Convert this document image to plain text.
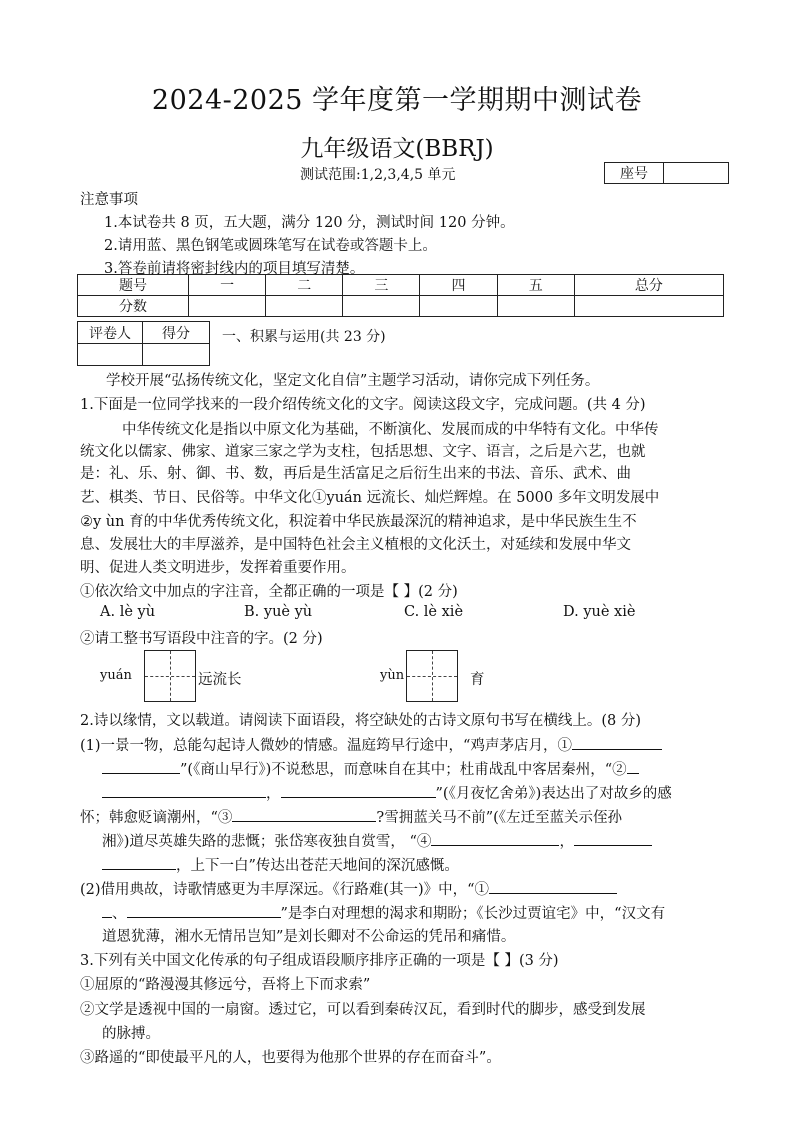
2024-2025 学年度第一学期期中测试卷
九年级语文(BBRJ)
测试范围:1,2,3,4,5 单元	座号	
注意事项
1.本试卷共 8 页，五大题，满分 120 分，测试时间 120 分钟。
2.请用蓝、黑色钢笔或圆珠笔写在试卷或答题卡上。
3.答卷前请将密封线内的项目填写清楚。
题号	一	二	三	四	五	总分
分数						
评卷人	得分
	一、积累与运用(共 23 分)
学校开展“弘扬传统文化，坚定文化自信”主题学习活动，请你完成下列任务。
1.下面是一位同学找来的一段介绍传统文化的文字。阅读这段文字，完成问题。(共 4 分)
中华传统文化是指以中原文化为基础，不断演化、发展而成的中华特有文化。中华传
统文化以儒家、佛家、道家三家之学为支柱，包括思想、文字、语言，之后是六艺，也就
是：礼、乐、射、御、书、数，再后是生活富足之后衍生出来的书法、音乐、武术、曲
艺、棋类、节日、民俗等。中华文化①yuán 远流长、灿烂辉煌。在 5000 多年文明发展中
②y ùn 育的中华优秀传统文化，积淀着中华民族最深沉的精神追求，是中华民族生生不
息、发展壮大的丰厚滋养，是中国特色社会主义植根的文化沃土，对延续和发展中华文
明、促进人类文明进步，发挥着重要作用。
①依次给文中加点的字注音，全都正确的一项是【 】(2 分)
A. lè yù	B. yuè yù	C. lè xiè	D. yuè xiè
②请工整书写语段中注音的字。(2 分)
yuán	远流长	yùn	育
2.诗以缘情，文以载道。请阅读下面语段，将空缺处的古诗文原句书写在横线上。(8 分)
(1)一景一物，总能勾起诗人微妙的情感。温庭筠早行途中，“鸡声茅店月，①
”(《商山早行》)不说愁思，而意味自在其中；杜甫战乱中客居秦州，“②
，	”(《月夜忆舍弟》)表达出了对故乡的感
怀；韩愈贬谪潮州，“③	?雪拥蓝关马不前”(《左迁至蓝关示侄孙
湘》)道尽英雄失路的悲慨；张岱寒夜独自赏雪， “④	，
，上下一白”传达出苍茫天地间的深沉感慨。
(2)借用典故，诗歌情感更为丰厚深远。《行路难(其一)》中，“①
、	”是李白对理想的渴求和期盼；《长沙过贾谊宅》中，“汉文有
道恩犹薄，湘水无情吊岂知”是刘长卿对不公命运的凭吊和痛惜。
3.下列有关中国文化传承的句子组成语段顺序排序正确的一项是【 】(3 分)
①屈原的“路漫漫其修远兮，吾将上下而求索”
②文学是透视中国的一扇窗。透过它，可以看到秦砖汉瓦，看到时代的脚步，感受到发展
的脉搏。
③路遥的“即使最平凡的人，也要得为他那个世界的存在而奋斗”。
